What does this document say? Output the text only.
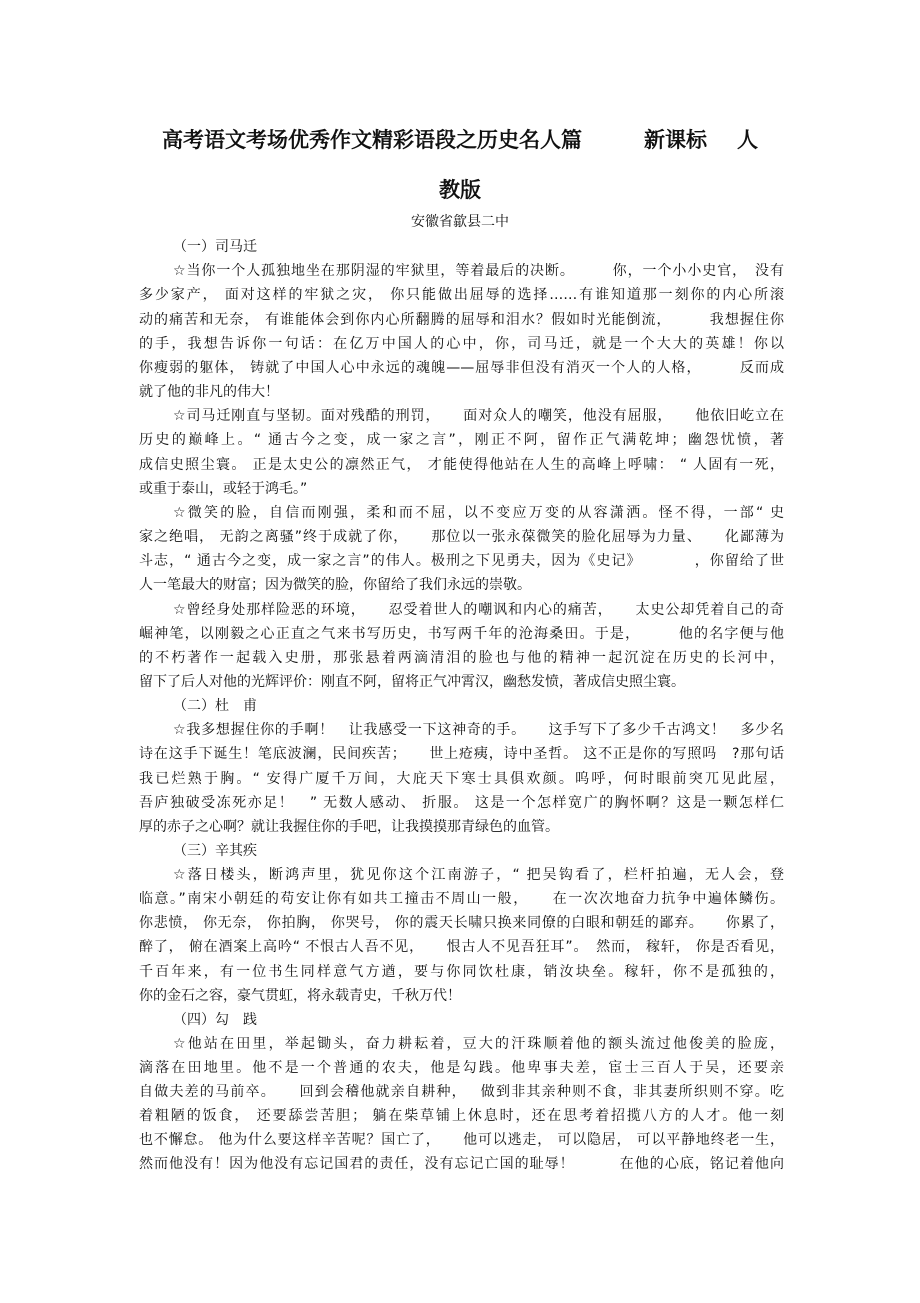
高考语文考场优秀作文精彩语段之历史名人篇	新课标 人
教版
安徽省歙县二中
（一）司马迁
☆当你一个人孤独地坐在那阴湿的牢狱里，等着最后的决断。　　　你，一个小小史官，　没有
多少家产， 面对这样的牢狱之灾， 你只能做出屈辱的选择……有谁知道那一刻你的内心所滚
动的痛苦和无奈， 有谁能体会到你内心所翻腾的屈辱和泪水？假如时光能倒流，　　　我想握住你
的手，我想告诉你一句话：在亿万中国人的心中，你，司马迁，就是一个大大的英雄！你以
你瘦弱的躯体， 铸就了中国人心中永远的魂魄——屈辱非但没有消灭一个人的人格，　　　反而成
就了他的非凡的伟大！
☆司马迁刚直与坚韧。面对残酷的刑罚，　　面对众人的嘲笑，他没有屈服，　　他依旧屹立在
历史的巅峰上。“ 通古今之变，成一家之言”，刚正不阿，留作正气满乾坤；幽怨忧愤，著
成信史照尘寰。 正是太史公的凛然正气， 才能使得他站在人生的高峰上呼啸： “ 人固有一死，
或重于泰山，或轻于鸿毛。”
☆微笑的脸，自信而刚强，柔和而不屈，以不变应万变的从容潇洒。怪不得，一部“ 史
家之绝唱， 无韵之离骚”终于成就了你，　　那位以一张永葆微笑的脸化屈辱为力量、　　化鄙薄为
斗志，“ 通古今之变，成一家之言”的伟人。极刑之下见勇夫，因为《史记》　　　　，你留给了世
人一笔最大的财富；因为微笑的脸，你留给了我们永远的崇敬。
☆曾经身处那样险恶的环境，　　忍受着世人的嘲讽和内心的痛苦，　　太史公却凭着自己的奇
崛神笔，以刚毅之心正直之气来书写历史，书写两千年的沧海桑田。于是，　　　他的名字便与他
的不朽著作一起载入史册，那张悬着两滴清泪的脸也与他的精神一起沉淀在历史的长河中，
留下了后人对他的光辉评价：刚直不阿，留将正气冲霄汉，幽愁发愤，著成信史照尘寰。
（二）杜　甫
☆我多想握住你的手啊！　让我感受一下这神奇的手。　　这手写下了多少千古鸿文！　多少名
诗在这手下诞生！笔底波澜，民间疾苦；　　世上疮痍，诗中圣哲。 这不正是你的写照吗　?那句话
我已烂熟于胸。“ 安得广厦千万间，大庇天下寒士具俱欢颜。呜呼，何时眼前突兀见此屋，
吾庐独破受冻死亦足！　” 无数人感动、 折服。 这是一个怎样宽广的胸怀啊？这是一颗怎样仁
厚的赤子之心啊？就让我握住你的手吧，让我摸摸那青绿色的血管。
（三）辛其疾
☆落日楼头，断鸿声里，犹见你这个江南游子，“ 把吴钩看了，栏杆拍遍，无人会，登
临意。”南宋小朝廷的苟安让你有如共工撞击不周山一般，　　在一次次地奋力抗争中遍体鳞伤。
你悲愤， 你无奈， 你拍胸， 你哭号， 你的震天长啸只换来同僚的白眼和朝廷的鄙弃。　　你累了，
醉了， 俯在酒案上高吟“ 不恨古人吾不见，　　恨古人不见吾狂耳”。　然而， 稼轩， 你是否看见，
千百年来，有一位书生同样意气方遒，要与你同饮杜康，销汝块垒。稼轩，你不是孤独的，
你的金石之容，豪气贯虹，将永载青史，千秋万代！
（四）勾　践
☆他站在田里，举起锄头，奋力耕耘着，豆大的汗珠顺着他的额头流过他俊美的脸庞，
滴落在田地里。他不是一个普通的农夫，他是勾践。他卑事夫差，宦士三百人于吴，还要亲
自做夫差的马前卒。　　回到会稽他就亲自耕种，　 做到非其亲种则不食，非其妻所织则不穿。吃
着粗陋的饭食， 还要舔尝苦胆； 躺在柴草铺上休息时，还在思考着招揽八方的人才。他一刻
也不懈怠。 他为什么要这样辛苦呢？国亡了，　　他可以逃走， 可以隐居， 可以平静地终老一生，
然而他没有！因为他没有忘记国君的责任，没有忘记亡国的耻辱！　　　在他的心底，铭记着他向
